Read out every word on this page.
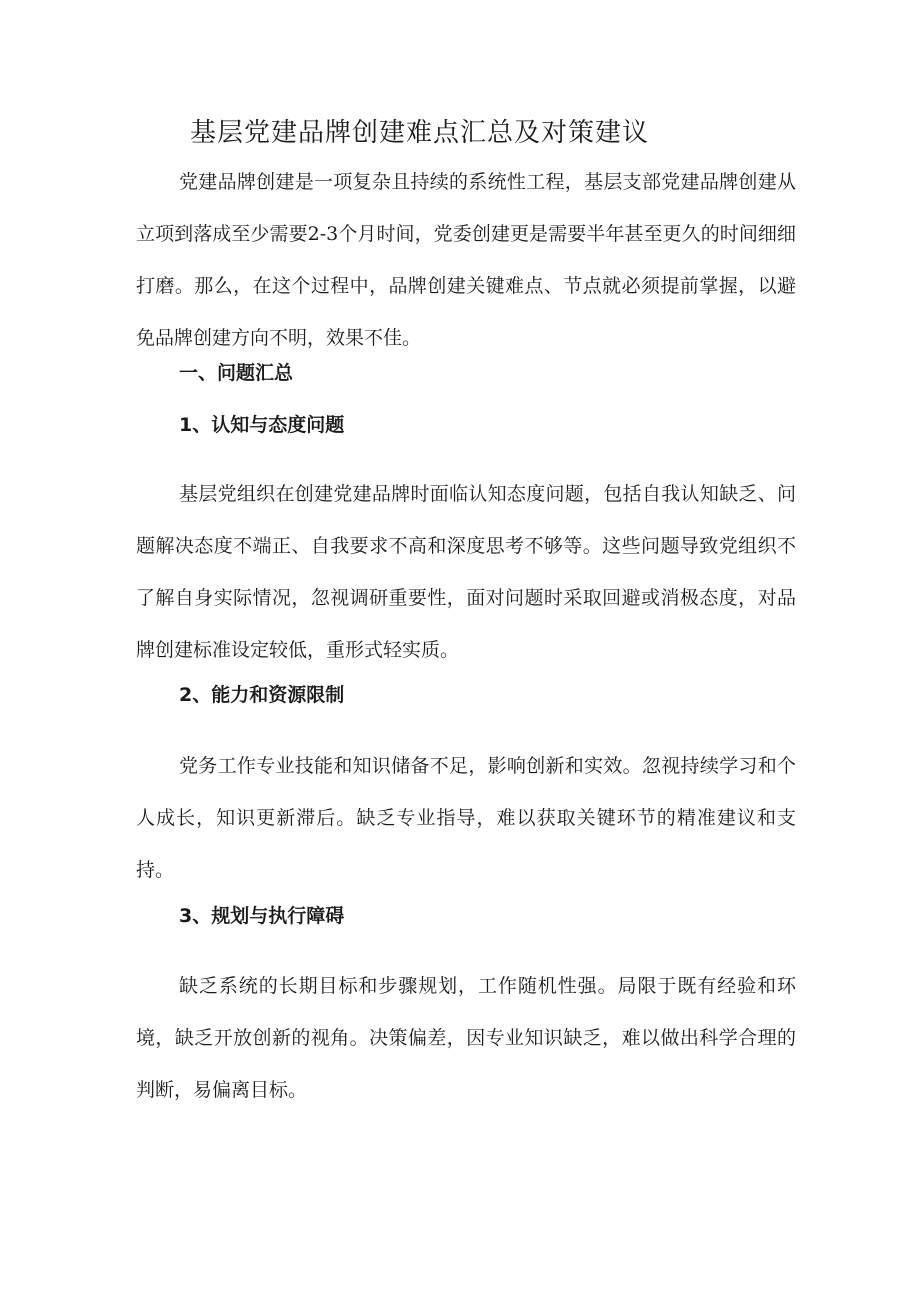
基层党建品牌创建难点汇总及对策建议

党建品牌创建是一项复杂且持续的系统性工程，基层支部党建品牌创建从立项到落成至少需要2-3个月时间，党委创建更是需要半年甚至更久的时间细细打磨。那么，在这个过程中，品牌创建关键难点、节点就必须提前掌握，以避免品牌创建方向不明，效果不佳。

一、问题汇总
1、认知与态度问题

基层党组织在创建党建品牌时面临认知态度问题，包括自我认知缺乏、问题解决态度不端正、自我要求不高和深度思考不够等。这些问题导致党组织不了解自身实际情况，忽视调研重要性，面对问题时采取回避或消极态度，对品牌创建标准设定较低，重形式轻实质。

2、能力和资源限制

党务工作专业技能和知识储备不足，影响创新和实效。忽视持续学习和个人成长，知识更新滞后。缺乏专业指导，难以获取关键环节的精准建议和支持。

3、规划与执行障碍

缺乏系统的长期目标和步骤规划，工作随机性强。局限于既有经验和环境，缺乏开放创新的视角。决策偏差，因专业知识缺乏，难以做出科学合理的判断，易偏离目标。
